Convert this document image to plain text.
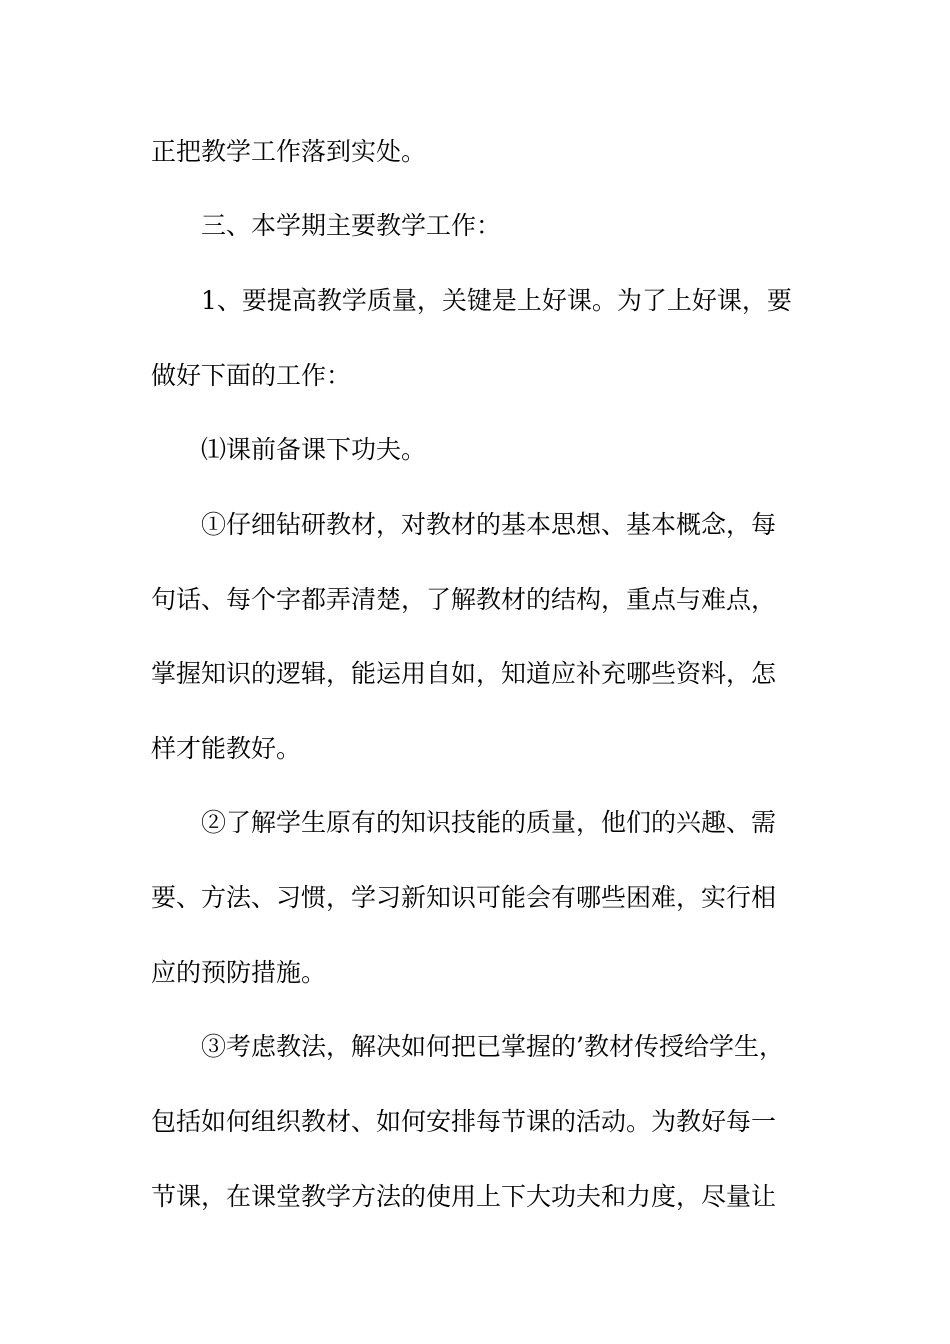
正把教学工作落到实处。

三、本学期主要教学工作：

1、要提高教学质量，关键是上好课。为了上好课，要

做好下面的工作：

⑴课前备课下功夫。

①仔细钻研教材，对教材的基本思想、基本概念，每

句话、每个字都弄清楚，了解教材的结构，重点与难点，

掌握知识的逻辑，能运用自如，知道应补充哪些资料，怎

样才能教好。

②了解学生原有的知识技能的质量，他们的兴趣、需

要、方法、习惯，学习新知识可能会有哪些困难，实行相

应的预防措施。

③考虑教法，解决如何把已掌握的’教材传授给学生，

包括如何组织教材、如何安排每节课的活动。为教好每一

节课，在课堂教学方法的使用上下大功夫和力度，尽量让
